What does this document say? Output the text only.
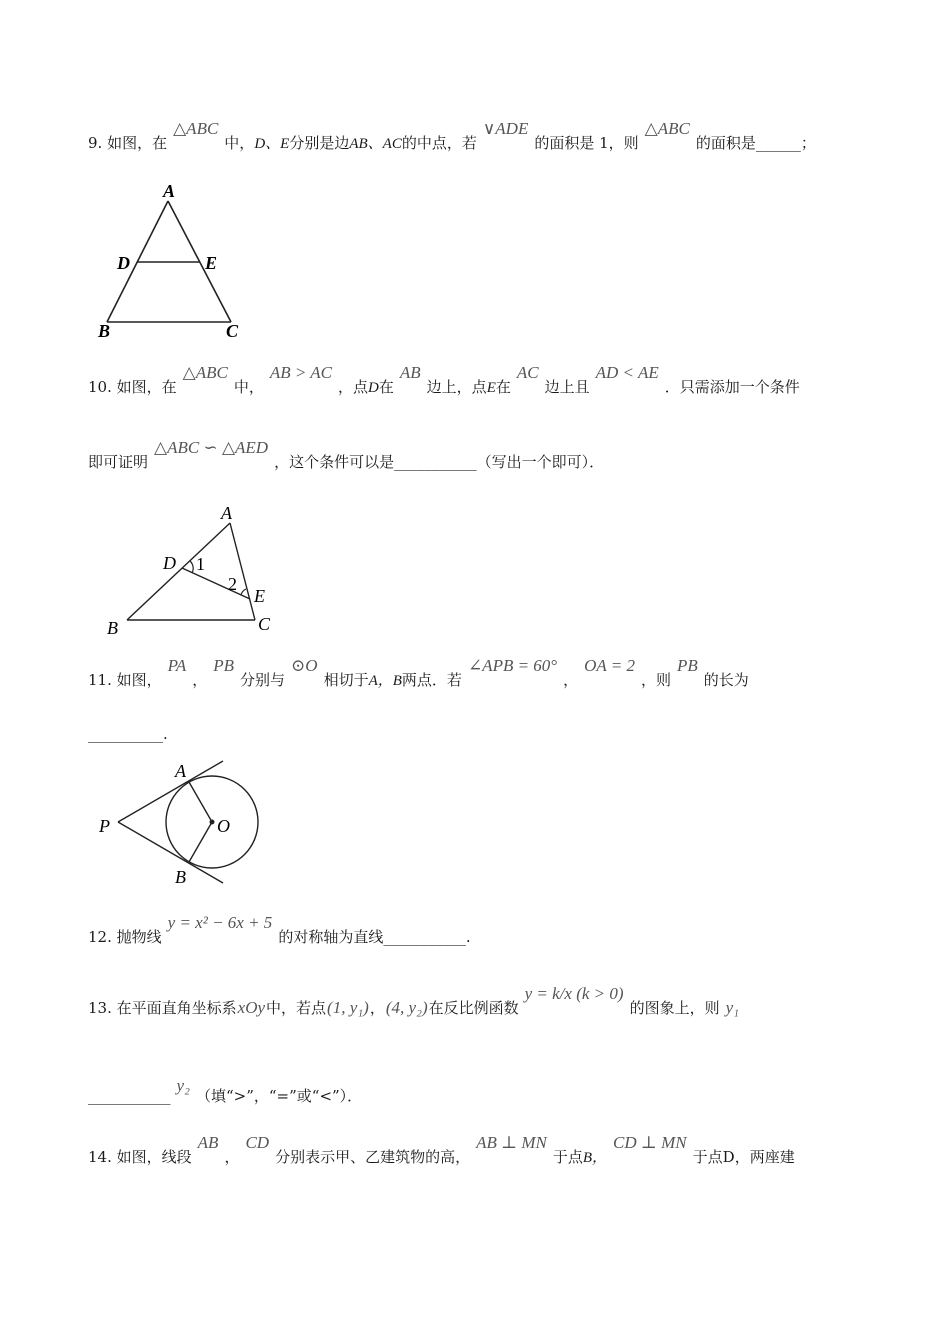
9. 如图，在△ABC中，D、E分别是边AB、AC的中点，若∨ADE的面积是 1，则△ABC的面积是______；
A
D	E
B	C
10. 如图，在△ABC中，AB > AC，点D在AB边上，点E在AC边上且AD < AE．只需添加一个条件
即可证明△ABC ∽ △AED，这个条件可以是___________（写出一个即可）．
A
D 1
2
E
B	C
11. 如图，PA，PB分别与⊙O相切于A，B两点．若∠APB = 60°，OA = 2，则PB的长为
__________.
A
P	O
B
12. 抛物线y = x² − 6x + 5的对称轴为直线___________.
13. 在平面直角坐标系xOy中，若点(1, y₁)，(4, y₂)在反比例函数y = k/x (k > 0)的图象上，则 y₁
___________y₂（填“>”，“=”或“<”）．
14. 如图，线段AB，CD分别表示甲、乙建筑物的高，AB ⊥ MN于点B，CD ⊥ MN于点D，两座建
